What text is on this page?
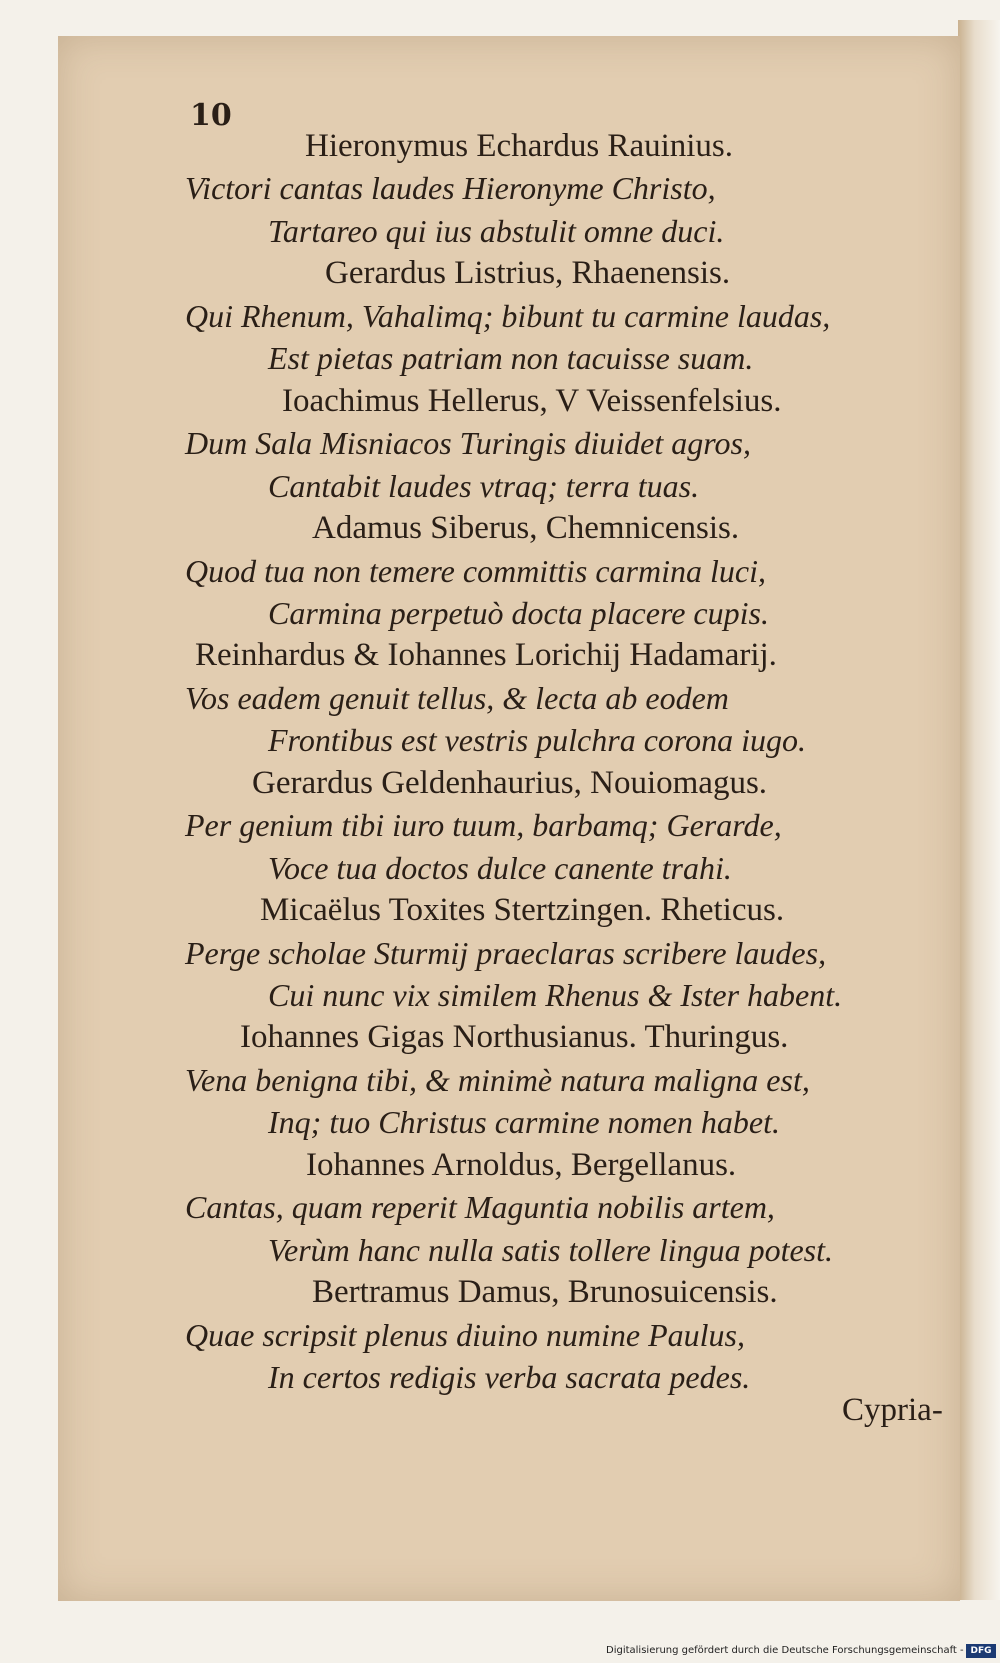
10
Hieronymus Echardus Rauinius.
Victori cantas laudes Hieronyme Christo,
Tartareo qui ius abstulit omne duci.
Gerardus Listrius, Rhaenensis.
Qui Rhenum, Vahalimq; bibunt tu carmine laudas,
Est pietas patriam non tacuisse suam.
Ioachimus Hellerus, V Veissenfelsius.
Dum Sala Misniacos Turingis diuidet agros,
Cantabit laudes vtraq; terra tuas.
Adamus Siberus, Chemnicensis.
Quod tua non temere committis carmina luci,
Carmina perpetuò docta placere cupis.
Reinhardus & Iohannes Lorichij Hadamarij.
Vos eadem genuit tellus, & lecta ab eodem
Frontibus est vestris pulchra corona iugo.
Gerardus Geldenhaurius, Nouiomagus.
Per genium tibi iuro tuum, barbamq; Gerarde,
Voce tua doctos dulce canente trahi.
Micaëlus Toxites Stertzingen. Rheticus.
Perge scholae Sturmij praeclaras scribere laudes,
Cui nunc vix similem Rhenus & Ister habent.
Iohannes Gigas Northusianus. Thuringus.
Vena benigna tibi, & minimè natura maligna est,
Inq; tuo Christus carmine nomen habet.
Iohannes Arnoldus, Bergellanus.
Cantas, quam reperit Maguntia nobilis artem,
Verùm hanc nulla satis tollere lingua potest.
Bertramus Damus, Brunosuicensis.
Quae scripsit plenus diuino numine Paulus,
In certos redigis verba sacrata pedes.
Cypria-
Digitalisierung gefördert durch die Deutsche Forschungsgemeinschaft - DFG
